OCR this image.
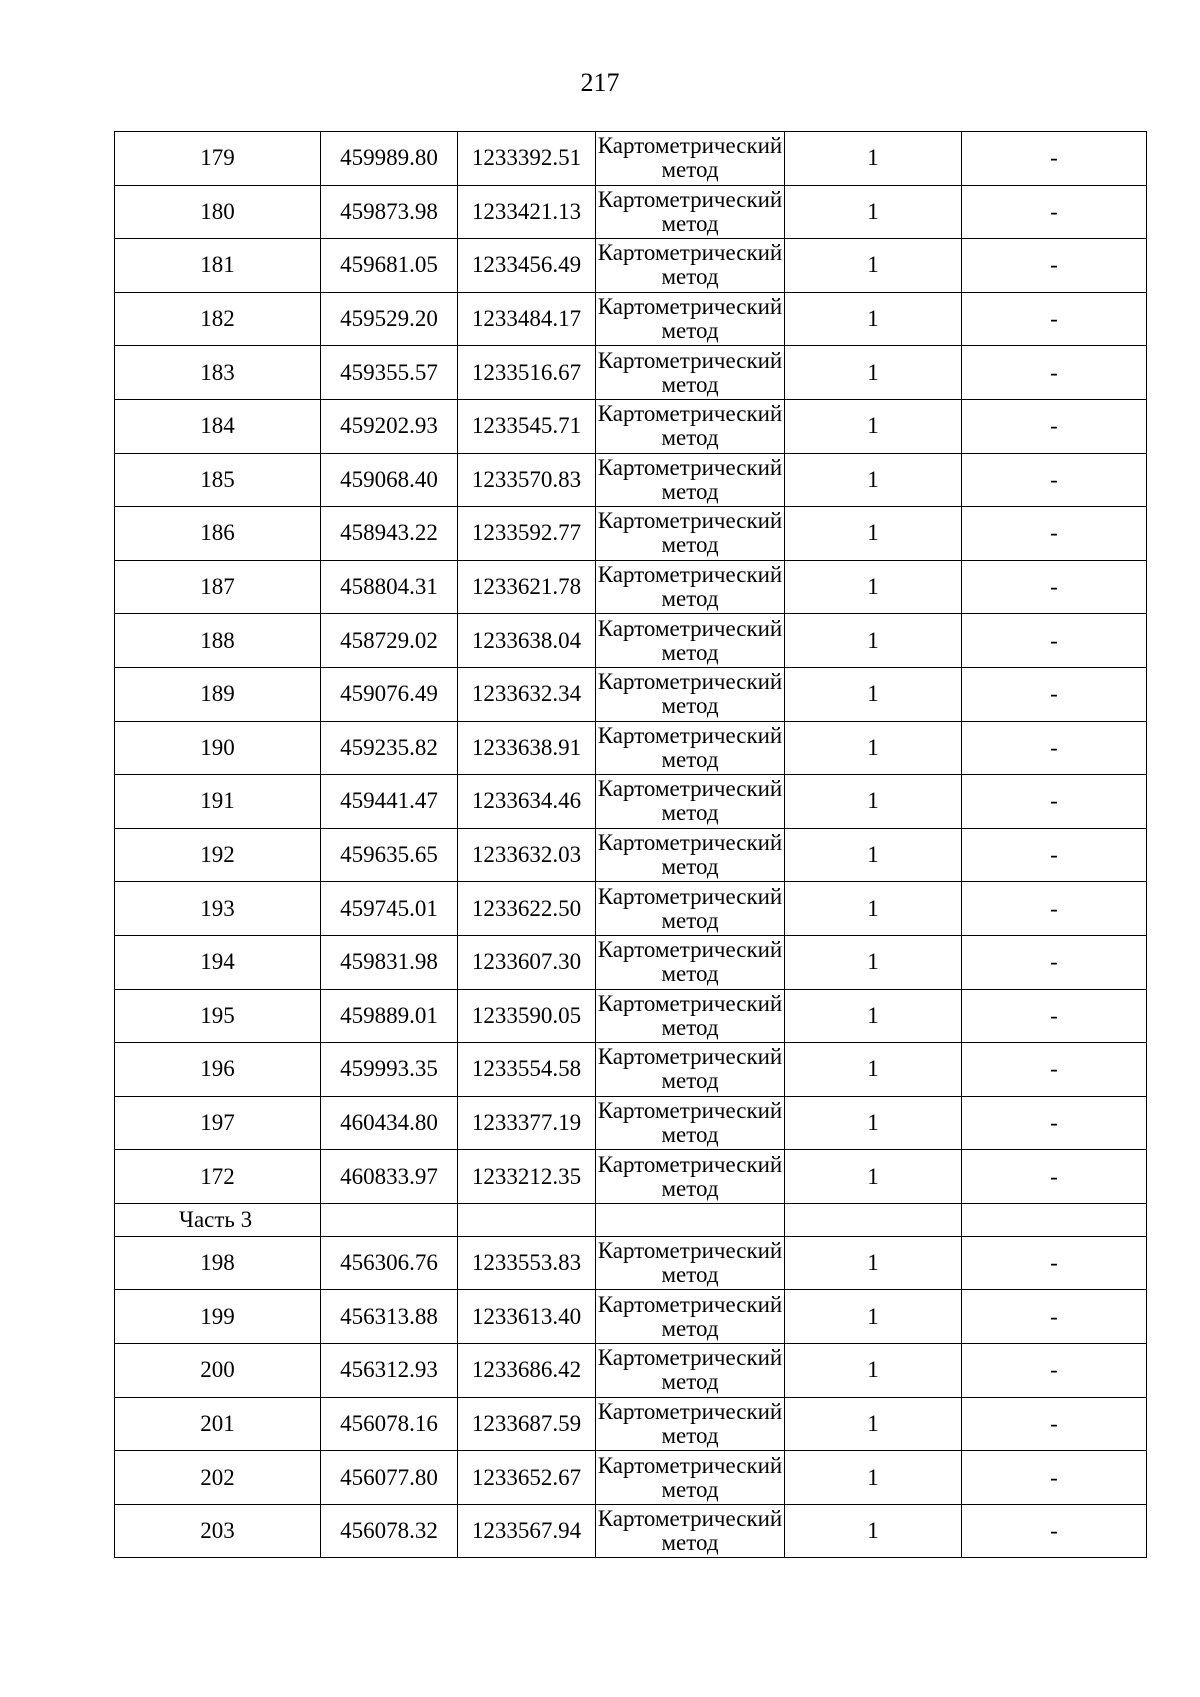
217
179	459989.80	1233392.51	Картометрический метод	1	-
180	459873.98	1233421.13	Картометрический метод	1	-
181	459681.05	1233456.49	Картометрический метод	1	-
182	459529.20	1233484.17	Картометрический метод	1	-
183	459355.57	1233516.67	Картометрический метод	1	-
184	459202.93	1233545.71	Картометрический метод	1	-
185	459068.40	1233570.83	Картометрический метод	1	-
186	458943.22	1233592.77	Картометрический метод	1	-
187	458804.31	1233621.78	Картометрический метод	1	-
188	458729.02	1233638.04	Картометрический метод	1	-
189	459076.49	1233632.34	Картометрический метод	1	-
190	459235.82	1233638.91	Картометрический метод	1	-
191	459441.47	1233634.46	Картометрический метод	1	-
192	459635.65	1233632.03	Картометрический метод	1	-
193	459745.01	1233622.50	Картометрический метод	1	-
194	459831.98	1233607.30	Картометрический метод	1	-
195	459889.01	1233590.05	Картометрический метод	1	-
196	459993.35	1233554.58	Картометрический метод	1	-
197	460434.80	1233377.19	Картометрический метод	1	-
172	460833.97	1233212.35	Картометрический метод	1	-
Часть 3					
198	456306.76	1233553.83	Картометрический метод	1	-
199	456313.88	1233613.40	Картометрический метод	1	-
200	456312.93	1233686.42	Картометрический метод	1	-
201	456078.16	1233687.59	Картометрический метод	1	-
202	456077.80	1233652.67	Картометрический метод	1	-
203	456078.32	1233567.94	Картометрический метод	1	-
